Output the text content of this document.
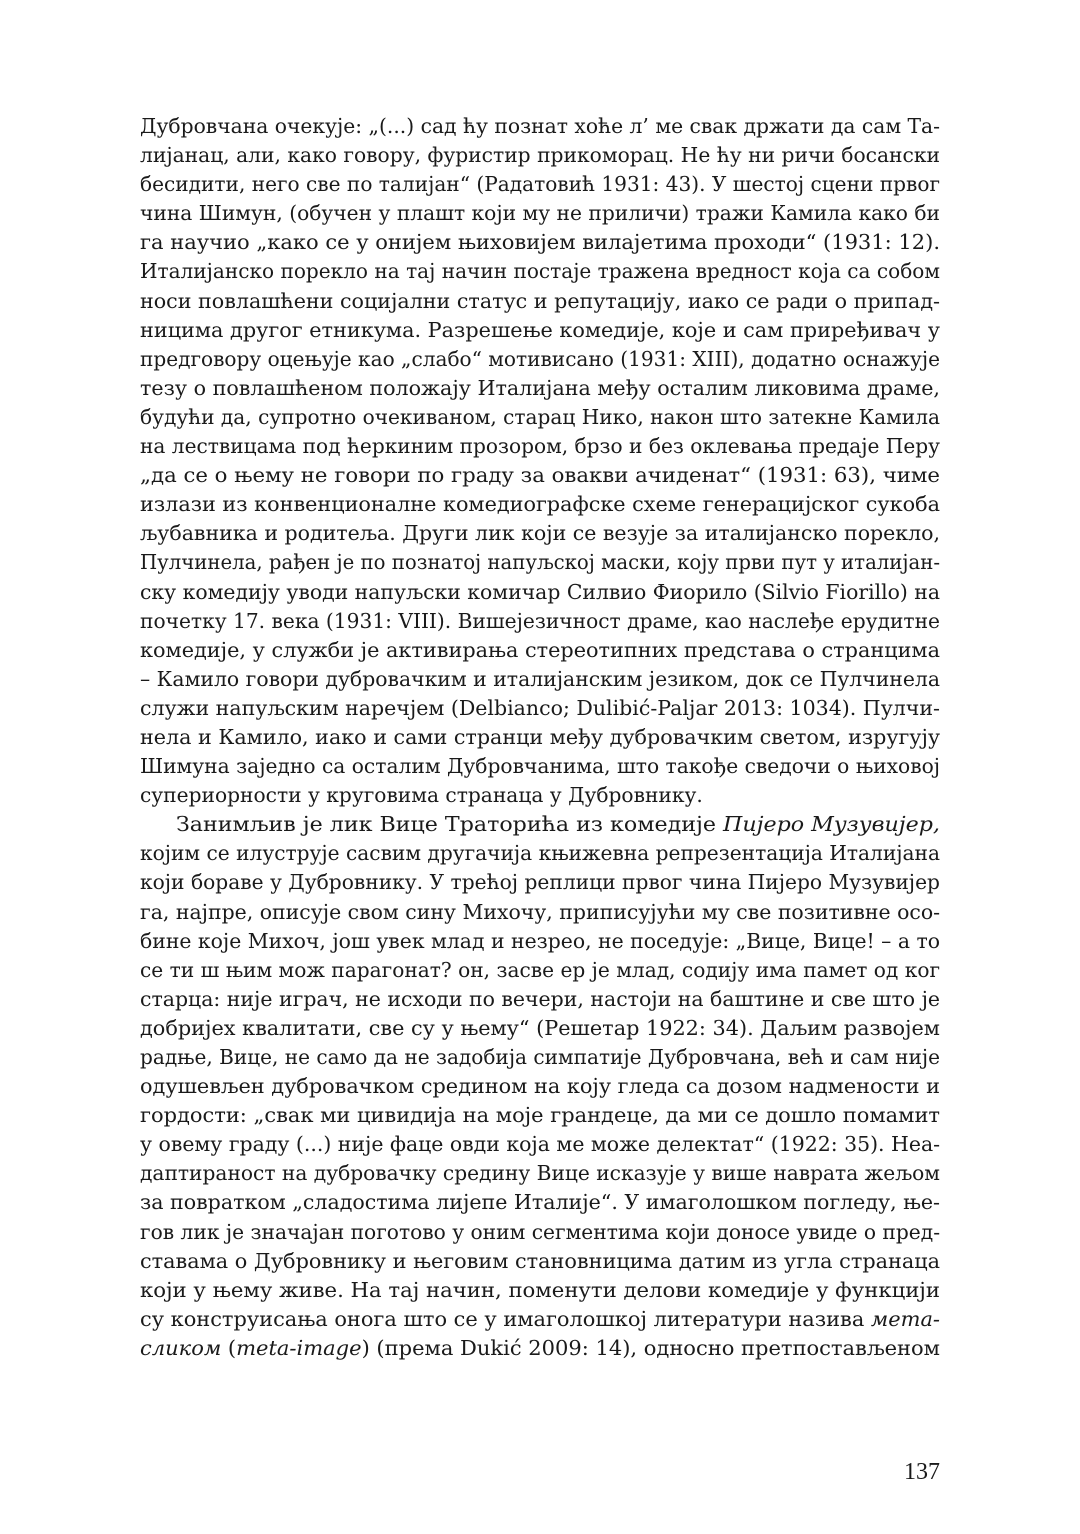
Дубровчана очекује: „(...) сад ћу познат хоће л’ ме свак држати да сам Та-
лијанац, али, како говору, фуристир прикоморац. Не ћу ни ричи босански
бесидити, него све по талијан“ (Радатовић 1931: 43). У шестој сцени првог
чина Шимун, (обучен у плашт који му не приличи) тражи Камила како би
га научио „како се у онијем њиховијем вилајетима проходи“ (1931: 12).
Италијанско порекло на тај начин постаје тражена вредност која са собом
носи повлашћени социјални статус и репутацију, иако се ради о припад-
ницима другог етникума. Разрешење комедије, које и сам приређивач у
предговору оцењује као „слабо“ мотивисано (1931: XIII), додатно оснажује
тезу о повлашћеном положају Италијана међу осталим ликовима драме,
будући да, супротно очекиваном, старац Нико, након што затекне Камила
на лествицама под ћеркиним прозором, брзо и без оклевања предаје Перу
„да се о њему не говори по граду за овакви ачиденат“ (1931: 63), чиме
излази из конвенционалне комедиографске схеме генерацијског сукоба
љубавника и родитеља. Други лик који се везује за италијанско порекло,
Пулчинела, рађен је по познатој напуљској маски, коју први пут у италијан-
ску комедију уводи напуљски комичар Силвио Фиорило (Silvio Fiorillo) на
почетку 17. века (1931: VIII). Вишејезичност драме, као наслеђе ерудитне
комедије, у служби је активирања стереотипних представа о странцима
– Камило говори дубровачким и италијанским језиком, док се Пулчинела
служи напуљским наречјем (Delbianco; Dulibić-Paljar 2013: 1034). Пулчи-
нела и Камило, иако и сами странци међу дубровачким светом, изругују
Шимуна заједно са осталим Дубровчанима, што такође сведочи о њиховој
супериорности у круговима странаца у Дубровнику.
Занимљив је лик Вице Траторића из комедије Пијеро Музувијер,
којим се илуструје сасвим другачија књижевна репрезентација Италијана
који бораве у Дубровнику. У трећој реплици првог чина Пијеро Музувијер
га, најпре, описује свом сину Михочу, приписујући му све позитивне осо-
бине које Михоч, још увек млад и незрео, не поседује: „Вице, Вице! – а то
се ти ш њим мож парагонат? он, засве ер је млад, содију има памет од ког
старца: није играч, не исходи по вечери, настоји на баштине и све што је
добријех квалитати, све су у њему“ (Решетар 1922: 34). Даљим развојем
радње, Вице, не само да не задобија симпатије Дубровчана, већ и сам није
одушевљен дубровачком средином на коју гледа са дозом надмености и
гордости: „свак ми цивидија на моје грандеце, да ми се дошло помамит
у овему граду (...) није фаце овди која ме може делектат“ (1922: 35). Неа-
даптираност на дубровачку средину Вице исказује у више наврата жељом
за повратком „сладостима лијепе Италије“. У имаголошком погледу, ње-
гов лик је значајан поготово у оним сегментима који доносе увиде о пред-
ставама о Дубровнику и његовим становницима датим из угла странаца
који у њему живе. На тај начин, поменути делови комедије у функцији
су конструисања онога што се у имаголошкој литератури назива мета-
сликом (meta-image) (према Dukić 2009: 14), односно претпостављеном
137
